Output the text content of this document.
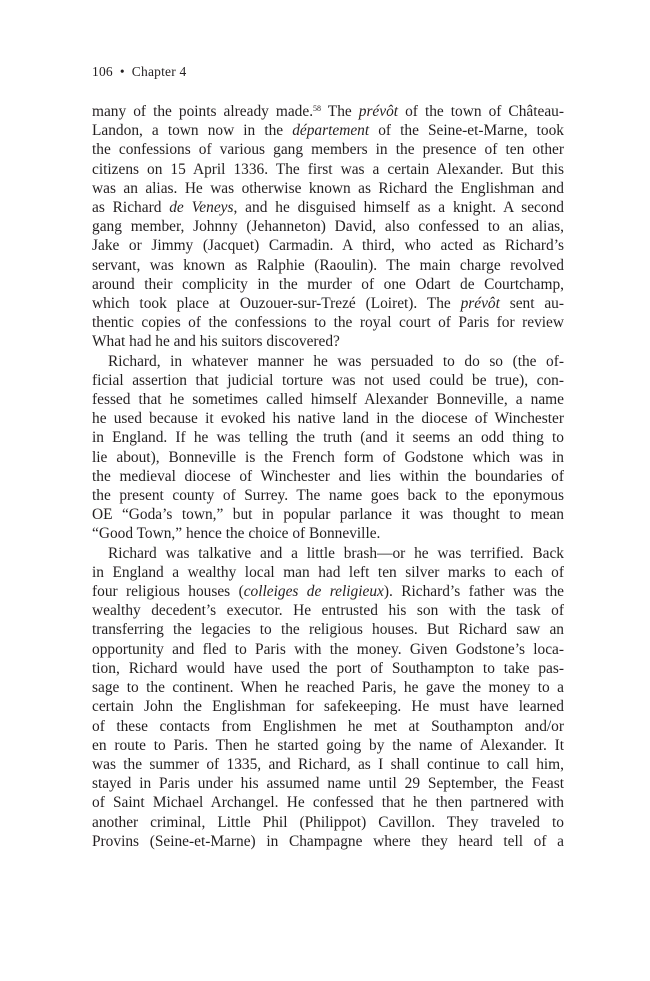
106 • Chapter 4
many of the points already made.$^{58}$ The prévôt of the town of Château-
Landon, a town now in the département of the Seine-et-Marne, took
the confessions of various gang members in the presence of ten other
citizens on 15 April 1336. The first was a certain Alexander. But this
was an alias. He was otherwise known as Richard the Englishman and
as Richard de Veneys, and he disguised himself as a knight. A second
gang member, Johnny (Jehanneton) David, also confessed to an alias,
Jake or Jimmy (Jacquet) Carmadin. A third, who acted as Richard’s
servant, was known as Ralphie (Raoulin). The main charge revolved
around their complicity in the murder of one Odart de Courtchamp,
which took place at Ouzouer-sur-Trezé (Loiret). The prévôt sent au-
thentic copies of the confessions to the royal court of Paris for review
What had he and his suitors discovered?
Richard, in whatever manner he was persuaded to do so (the of-
ficial assertion that judicial torture was not used could be true), con-
fessed that he sometimes called himself Alexander Bonneville, a name
he used because it evoked his native land in the diocese of Winchester
in England. If he was telling the truth (and it seems an odd thing to
lie about), Bonneville is the French form of Godstone which was in
the medieval diocese of Winchester and lies within the boundaries of
the present county of Surrey. The name goes back to the eponymous
OE “Goda’s town,” but in popular parlance it was thought to mean
“Good Town,” hence the choice of Bonneville.
Richard was talkative and a little brash—or he was terrified. Back
in England a wealthy local man had left ten silver marks to each of
four religious houses (colleiges de religieux). Richard’s father was the
wealthy decedent’s executor. He entrusted his son with the task of
transferring the legacies to the religious houses. But Richard saw an
opportunity and fled to Paris with the money. Given Godstone’s loca-
tion, Richard would have used the port of Southampton to take pas-
sage to the continent. When he reached Paris, he gave the money to a
certain John the Englishman for safekeeping. He must have learned
of these contacts from Englishmen he met at Southampton and/or
en route to Paris. Then he started going by the name of Alexander. It
was the summer of 1335, and Richard, as I shall continue to call him,
stayed in Paris under his assumed name until 29 September, the Feast
of Saint Michael Archangel. He confessed that he then partnered with
another criminal, Little Phil (Philippot) Cavillon. They traveled to
Provins (Seine-et-Marne) in Champagne where they heard tell of a
